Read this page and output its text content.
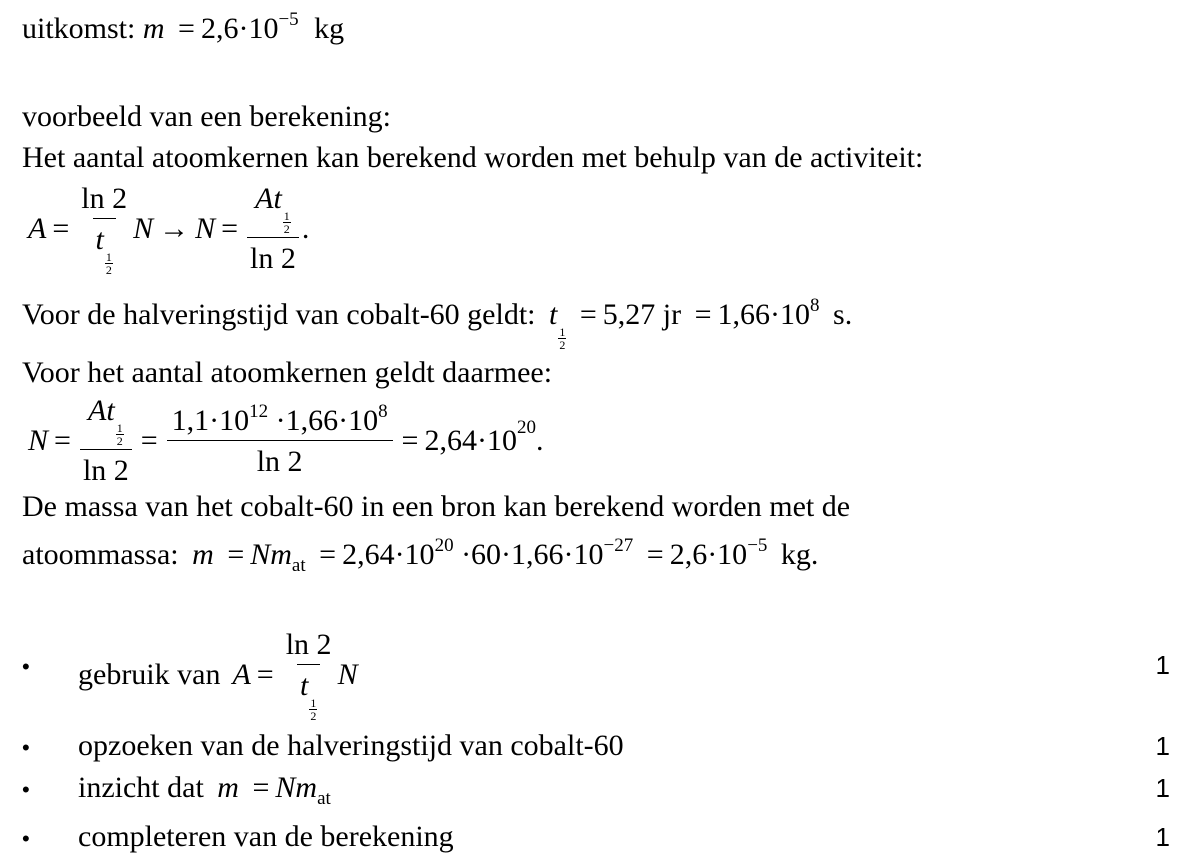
uitkomst: $m = 2,6\cdot 10^{-5}$ kg
voorbeeld van een berekening:
Het aantal atoomkernen kan berekend worden met behulp van de activiteit:
A = ln 2
t
$\frac{1}{2}$ N → N = At
$\frac{1}{2}$
ln 2 .
Voor de halveringstijd van cobalt-60 geldt: t
$\frac{1}{2}$
= 5,27 jr = $1,66\cdot 10^8$ s.
Voor het aantal atoomkernen geldt daarmee:
N = At
$\frac{1}{2}$
$\ln 2 = \frac{1,1\cdot 10^{12} \cdot 1,66\cdot 10^8}{\ln 2} = 2,64\cdot 10$ 20 .
De massa van het cobalt-60 in een bron kan berekend worden met de
atoommassa: $m = Nm_{at} = 2,64\cdot 10^{20} \cdot 60\cdot 1,66\cdot 10^{-27} = 2,6\cdot 10^{-5}$ kg.
• gebruik van A = ln 2
t
$\frac{1}{2}$ N	1
• opzoeken van de halveringstijd van cobalt-60	1
• inzicht dat $m = Nm_{at}$	1
• completeren van de berekening	1
